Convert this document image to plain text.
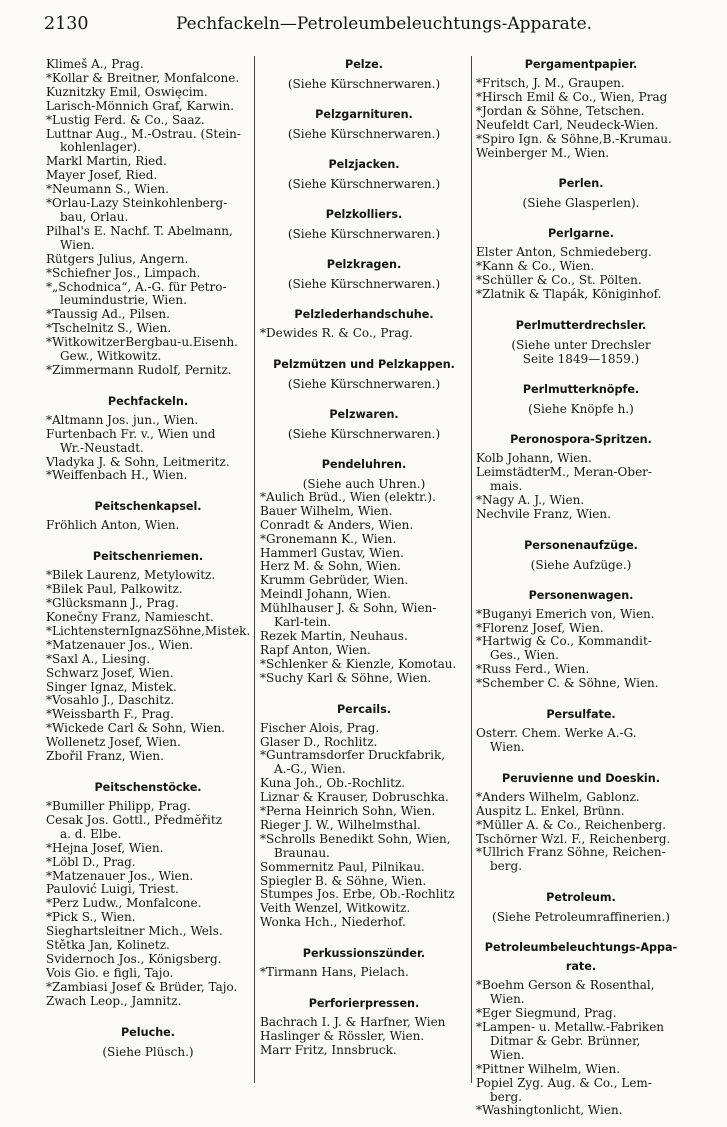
2130	Pechfackeln—Petroleumbeleuchtungs-Apparate.
Klimeš A., Prag.
*Kollar & Breitner, Monfalcone.
Kuznitzky Emil, Oswięcim.
Larisch-Mönnich Graf, Karwin.
*Lustig Ferd. & Co., Saaz.
Luttnar Aug., M.-Ostrau. (Stein-
kohlenlager).
Markl Martin, Ried.
Mayer Josef, Ried.
*Neumann S., Wien.
*Orlau-Lazy Steinkohlenberg-
bau, Orlau.
Pilhal's E. Nachf. T. Abelmann,
Wien.
Rütgers Julius, Angern.
*Schiefner Jos., Limpach.
*„Schodnica“, A.-G. für Petro-
leumindustrie, Wien.
*Taussig Ad., Pilsen.
*Tschelnitz S., Wien.
*WitkowitzerBergbau-u.Eisenh.
Gew., Witkowitz.
*Zimmermann Rudolf, Pernitz.
Pechfackeln.
*Altmann Jos. jun., Wien.
Furtenbach Fr. v., Wien und
Wr.-Neustadt.
Vladyka J. & Sohn, Leitmeritz.
*Weiffenbach H., Wien.
Peitschenkapsel.
Fröhlich Anton, Wien.
Peitschenriemen.
*Bilek Laurenz, Metylowitz.
*Bilek Paul, Palkowitz.
*Glücksmann J., Prag.
Konečny Franz, Namiescht.
*LichtensternIgnazSöhne,Mistek.
*Matzenauer Jos., Wien.
*Saxl A., Liesing.
Schwarz Josef, Wien.
Singer Ignaz, Mistek.
*Vosahlo J., Daschitz.
*Weissbarth F., Prag.
*Wickede Carl & Sohn, Wien.
Wollenetz Josef, Wien.
Zbořil Franz, Wien.
Peitschenstöcke.
*Bumiller Philipp, Prag.
Cesak Jos. Gottl., Předmĕřitz
a. d. Elbe.
*Hejna Josef, Wien.
*Löbl D., Prag.
*Matzenauer Jos., Wien.
Paulović Luigi, Triest.
*Perz Ludw., Monfalcone.
*Pick S., Wien.
Sieghartsleitner Mich., Wels.
Štětka Jan, Kolinetz.
Švidernoch Jos., Königsberg.
Vois Gio. e figli, Tajo.
*Zambiasi Josef & Brüder, Tajo.
Zwach Leop., Jamnitz.
Peluche.
(Siehe Plüsch.)
Pelze.
(Siehe Kürschnerwaren.)
Pelzgarnituren.
(Siehe Kürschnerwaren.)
Pelzjacken.
(Siehe Kürschnerwaren.)
Pelzkolliers.
(Siehe Kürschnerwaren.)
Pelzkragen.
(Siehe Kürschnerwaren.)
Pelzlederhandschuhe.
*Dewides R. & Co., Prag.
Pelzmützen und Pelzkappen.
(Siehe Kürschnerwaren.)
Pelzwaren.
(Siehe Kürschnerwaren.)
Pendeluhren.
(Siehe auch Uhren.)
*Aulich Brüd., Wien (elektr.).
Bauer Wilhelm, Wien.
Conradt & Anders, Wien.
*Gronemann K., Wien.
Hammerl Gustav, Wien.
Herz M. & Sohn, Wien.
Krumm Gebrüder, Wien.
Meindl Johann, Wien.
Mühlhauser J. & Sohn, Wien-
Karl-tein.
Rezek Martin, Neuhaus.
Rapf Anton, Wien.
*Schlenker & Kienzle, Komotau.
*Suchy Karl & Söhne, Wien.
Percails.
Fischer Alois, Prag.
Glaser D., Rochlitz.
*Guntramsdorfer Druckfabrik,
A.-G., Wien.
Kuna Joh., Ob.-Rochlitz.
Liznar & Krauser, Dobruschka.
*Perna Heinrich Sohn, Wien.
Rieger J. W., Wilhelmsthal.
*Schrolls Benedikt Sohn, Wien,
Braunau.
Sommernitz Paul, Pilnikau.
Spiegler B. & Söhne, Wien.
Stumpes Jos. Erbe, Ob.-Rochlitz
Veith Wenzel, Witkowitz.
Wonka Hch., Niederhof.
Perkussionszünder.
*Tirmann Hans, Pielach.
Perforierpressen.
Bachrach I. J. & Harfner, Wien
Haslinger & Rössler, Wien.
Marr Fritz, Innsbruck.
Pergamentpapier.
*Fritsch, J. M., Graupen.
*Hirsch Emil & Co., Wien, Prag
*Jordan & Söhne, Tetschen.
Neufeldt Carl, Neudeck-Wien.
*Spiro Ign. & Söhne,B.-Krumau.
Weinberger M., Wien.
Perlen.
(Siehe Glasperlen).
Perlgarne.
Elster Anton, Schmiedeberg.
*Kann & Co., Wien.
*Schüller & Co., St. Pölten.
*Zlatnik & Tlapák, Königinhof.
Perlmutterdrechsler.
(Siehe unter Drechsler
Seite 1849—1859.)
Perlmutterknöpfe.
(Siehe Knöpfe h.)
Peronospora-Spritzen.
Kolb Johann, Wien.
LeimstädterM., Meran-Ober-
mais.
*Nagy A. J., Wien.
Nechvile Franz, Wien.
Personenaufzüge.
(Siehe Aufzüge.)
Personenwagen.
*Buganyi Emerich von, Wien.
*Florenz Josef, Wien.
*Hartwig & Co., Kommandit-
Ges., Wien.
*Russ Ferd., Wien.
*Schember C. & Söhne, Wien.
Persulfate.
Österr. Chem. Werke A.-G.
Wien.
Peruvienne und Doeskin.
*Anders Wilhelm, Gablonz.
Auspitz L. Enkel, Brünn.
*Müller A. & Co., Reichenberg.
Tschörner Wzl. F., Reichenberg.
*Ullrich Franz Söhne, Reichen-
berg.
Petroleum.
(Siehe Petroleumraffinerien.)
Petroleumbeleuchtungs-Appa-
rate.
*Boehm Gerson & Rosenthal,
Wien.
*Eger Siegmund, Prag.
*Lampen- u. Metallw.-Fabriken
Ditmar & Gebr. Brünner,
Wien.
*Pittner Wilhelm, Wien.
Popiel Zyg. Aug. & Co., Lem-
berg.
*Washingtonlicht, Wien.
